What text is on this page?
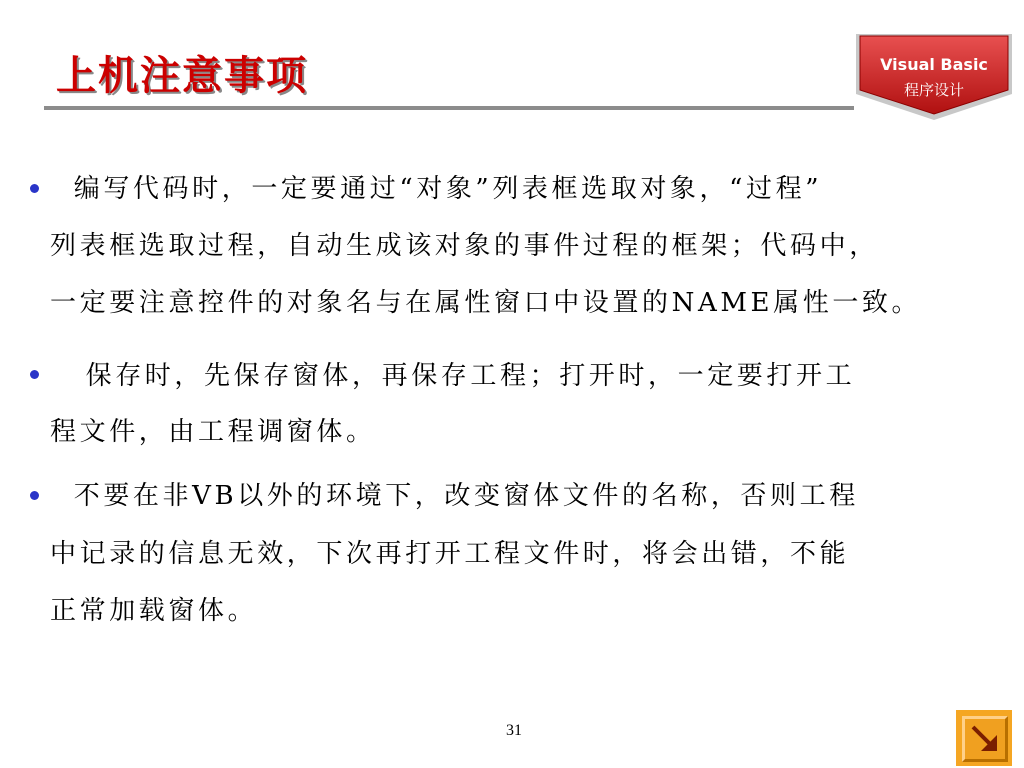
上机注意事项	Visual Basic
程序设计
编写代码时，一定要通过“对象”列表框选取对象，“过程”
列表框选取过程，自动生成该对象的事件过程的框架；代码中，
一定要注意控件的对象名与在属性窗口中设置的NAME属性一致。
保存时，先保存窗体，再保存工程；打开时，一定要打开工
程文件，由工程调窗体。
不要在非VB以外的环境下，改变窗体文件的名称，否则工程
中记录的信息无效，下次再打开工程文件时，将会出错，不能
正常加载窗体。
31
